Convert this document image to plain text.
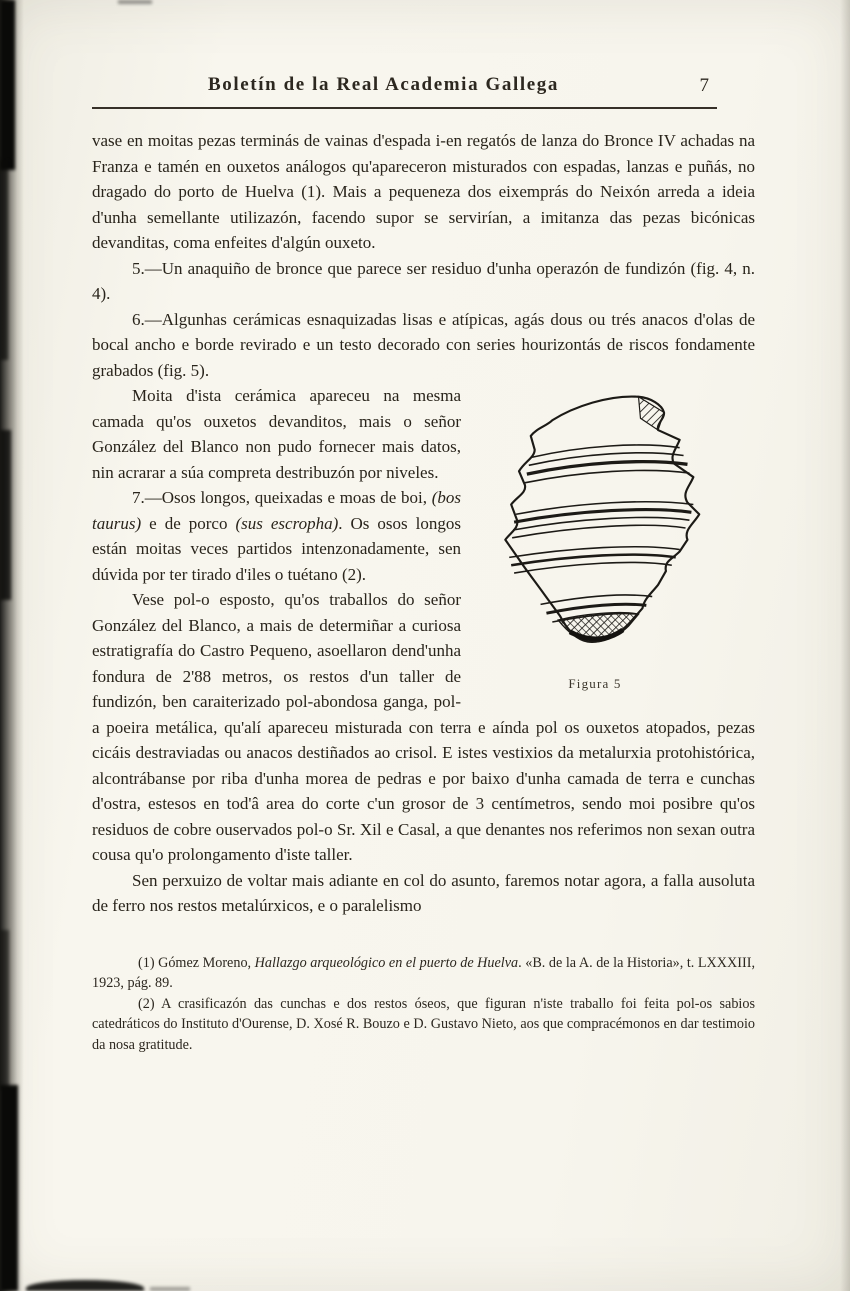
Boletín de la Real Academia Gallega	7

vase en moitas pezas terminás de vainas d'espada i-en regatós de lanza do Bronce IV achadas na Franza e tamén en ouxetos análogos qu'apareceron misturados con espadas, lanzas e puñás, no dragado do porto de Huelva (1). Mais a pequeneza dos eixemprás do Neixón arreda a ideia d'unha semellante utilizazón, facendo supor se servirían, a imitanza das pezas bicónicas devanditas, coma enfeites d'algún ouxeto.

5.—Un anaquiño de bronce que parece ser residuo d'unha operazón de fundizón (fig. 4, n. 4).

6.—Algunhas cerámicas esnaquizadas lisas e atípicas, agás dous ou trés anacos d'olas de bocal ancho e borde revirado e un testo decorado con series hourizontás de riscos fondamente grabados (fig. 5).

Figura 5

Moita d'ista cerámica apareceu na mesma camada qu'os ouxetos devanditos, mais o señor González del Blanco non pudo fornecer mais datos, nin acrarar a súa compreta destribuzón por niveles.

7.—Osos longos, queixadas e moas de boi, (bos taurus) e de porco (sus escropha). Os osos longos están moitas veces partidos intenzonadamente, sen dúvida por ter tirado d'iles o tuétano (2).

Vese pol-o esposto, qu'os traballos do señor González del Blanco, a mais de determiñar a curiosa estratigrafía do Castro Pequeno, asoellaron dend'unha fondura de 2'88 metros, os restos d'un taller de fundizón, ben caraiterizado pol-abondosa ganga, pol-a poeira metálica, qu'alí apareceu misturada con terra e aínda pol os ouxetos atopados, pezas cicáis destraviadas ou anacos destiñados ao crisol. E istes vestixios da metalurxia protohistórica, alcontrábanse por riba d'unha morea de pedras e por baixo d'unha camada de terra e cunchas d'ostra, estesos en tod'â area do corte c'un grosor de 3 centímetros, sendo moi posibre qu'os residuos de cobre ouservados pol-o Sr. Xil e Casal, a que denantes nos referimos non sexan outra cousa qu'o prolongamento d'iste taller.

Sen perxuizo de voltar mais adiante en col do asunto, faremos notar agora, a falla ausoluta de ferro nos restos metalúrxicos, e o paralelismo

(1) Gómez Moreno, Hallazgo arqueológico en el puerto de Huelva. «B. de la A. de la Historia», t. LXXXIII, 1923, pág. 89.

(2) A crasificazón das cunchas e dos restos óseos, que figuran n'iste traballo foi feita pol-os sabios catedráticos do Instituto d'Ourense, D. Xosé R. Bouzo e D. Gustavo Nieto, aos que compracémonos en dar testimoio da nosa gratitude.
